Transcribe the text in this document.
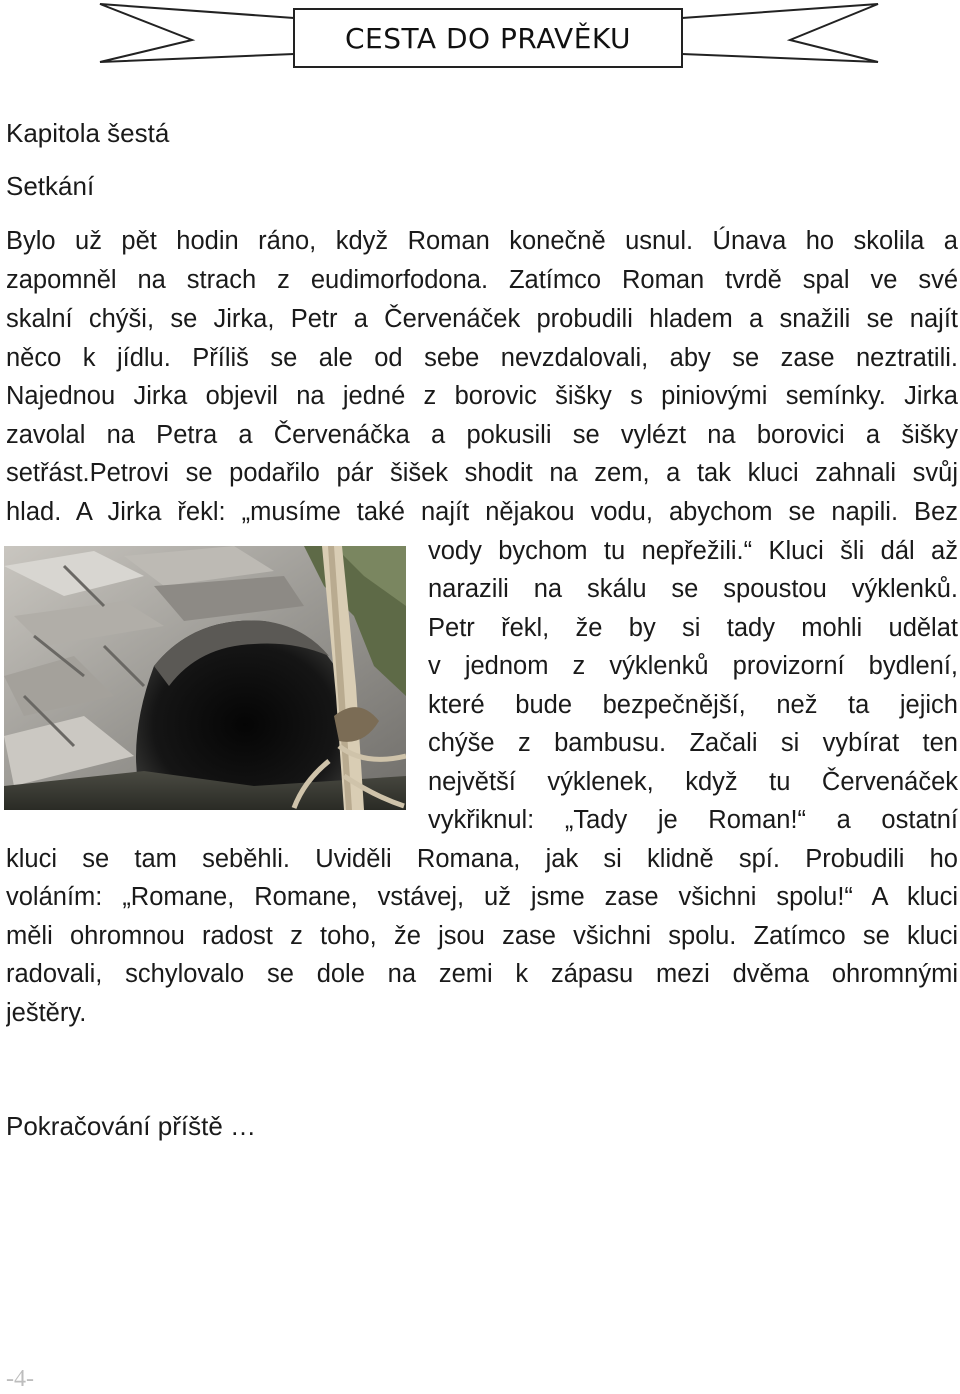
CESTA DO PRAVĚKU
Kapitola šestá
Setkání
Bylo už pět hodin ráno, když Roman konečně usnul. Únava ho skolila a
zapomněl na strach z eudimorfodona. Zatímco Roman tvrdě spal ve své
skalní chýši, se Jirka, Petr a Červenáček probudili hladem a snažili se najít
něco k jídlu. Příliš se ale od sebe nevzdalovali, aby se zase neztratili.
Najednou Jirka objevil na jedné z borovic šišky s piniovými semínky. Jirka
zavolal na Petra a Červenáčka a pokusili se vylézt na borovici a šišky
setřást.Petrovi se podařilo pár šišek shodit na zem, a tak kluci zahnali svůj
hlad. A Jirka řekl: „musíme také najít nějakou vodu, abychom se napili. Bez
vody bychom tu nepřežili.“ Kluci šli dál až
narazili na skálu se spoustou výklenků.
Petr řekl, že by si tady mohli udělat
v jednom z výklenků provizorní bydlení,
které bude bezpečnější, než ta jejich
chýše z bambusu. Začali si vybírat ten
největší výklenek, když tu Červenáček
vykřiknul: „Tady je Roman!“ a ostatní
kluci se tam seběhli. Uviděli Romana, jak si klidně spí. Probudili ho
voláním: „Romane, Romane, vstávej, už jsme zase všichni spolu!“ A kluci
měli ohromnou radost z toho, že jsou zase všichni spolu. Zatímco se kluci
radovali, schylovalo se dole na zemi k zápasu mezi dvěma ohromnými
ještěry.
Pokračování příště …
-4-
